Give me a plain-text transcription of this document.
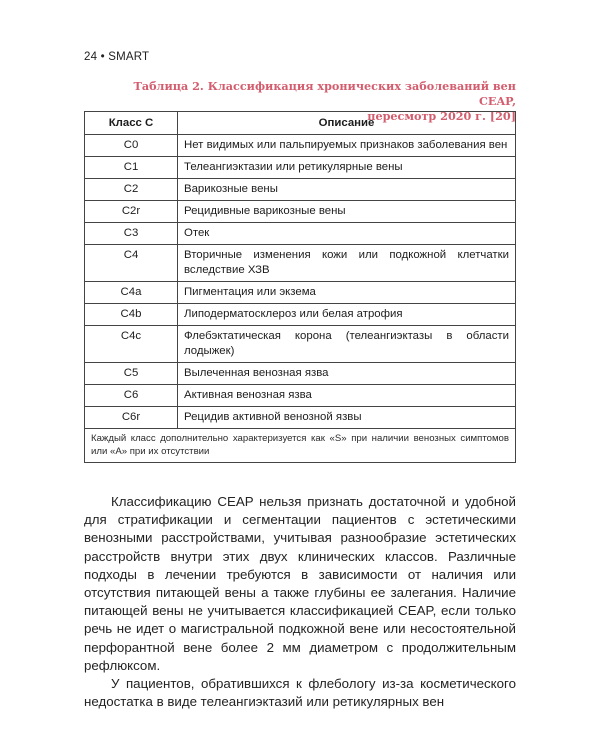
24 • SMART
Таблица 2. Классификация хронических заболеваний вен CEAP,
пересмотр 2020 г. [20]
Класс С	Описание
C0	Нет видимых или пальпируемых признаков заболевания вен
C1	Телеангиэктазии или ретикулярные вены
C2	Варикозные вены
C2r	Рецидивные варикозные вены
C3	Отек
C4	Вторичные изменения кожи или подкожной клетчатки вследствие ХЗВ
C4a	Пигментация или экзема
C4b	Липодерматосклероз или белая атрофия
C4c	Флебэктатическая корона (телеангиэктазы в области лодыжек)
C5	Вылеченная венозная язва
C6	Активная венозная язва
C6r	Рецидив активной венозной язвы
Каждый класс дополнительно характеризуется как «S» при наличии венозных симптомов или «A» при их отсутствии	

Классификацию CEAP нельзя признать достаточной и удобной для стратификации и сегментации пациентов с эстетическими венозными расстройствами, учитывая разнообразие эстетических расстройств внутри этих двух клинических классов. Различные подходы в лечении требуются в зависимости от наличия или отсутствия питающей вены а также глубины ее залегания. Наличие питающей вены не учитывается классификацией CEAP, если только речь не идет о магистральной подкожной вене или несостоятельной перфорантной вене более 2 мм диаметром с продолжительным рефлюксом.

У пациентов, обратившихся к флебологу из-за косметического недостатка в виде телеангиэктазий или ретикулярных вен
